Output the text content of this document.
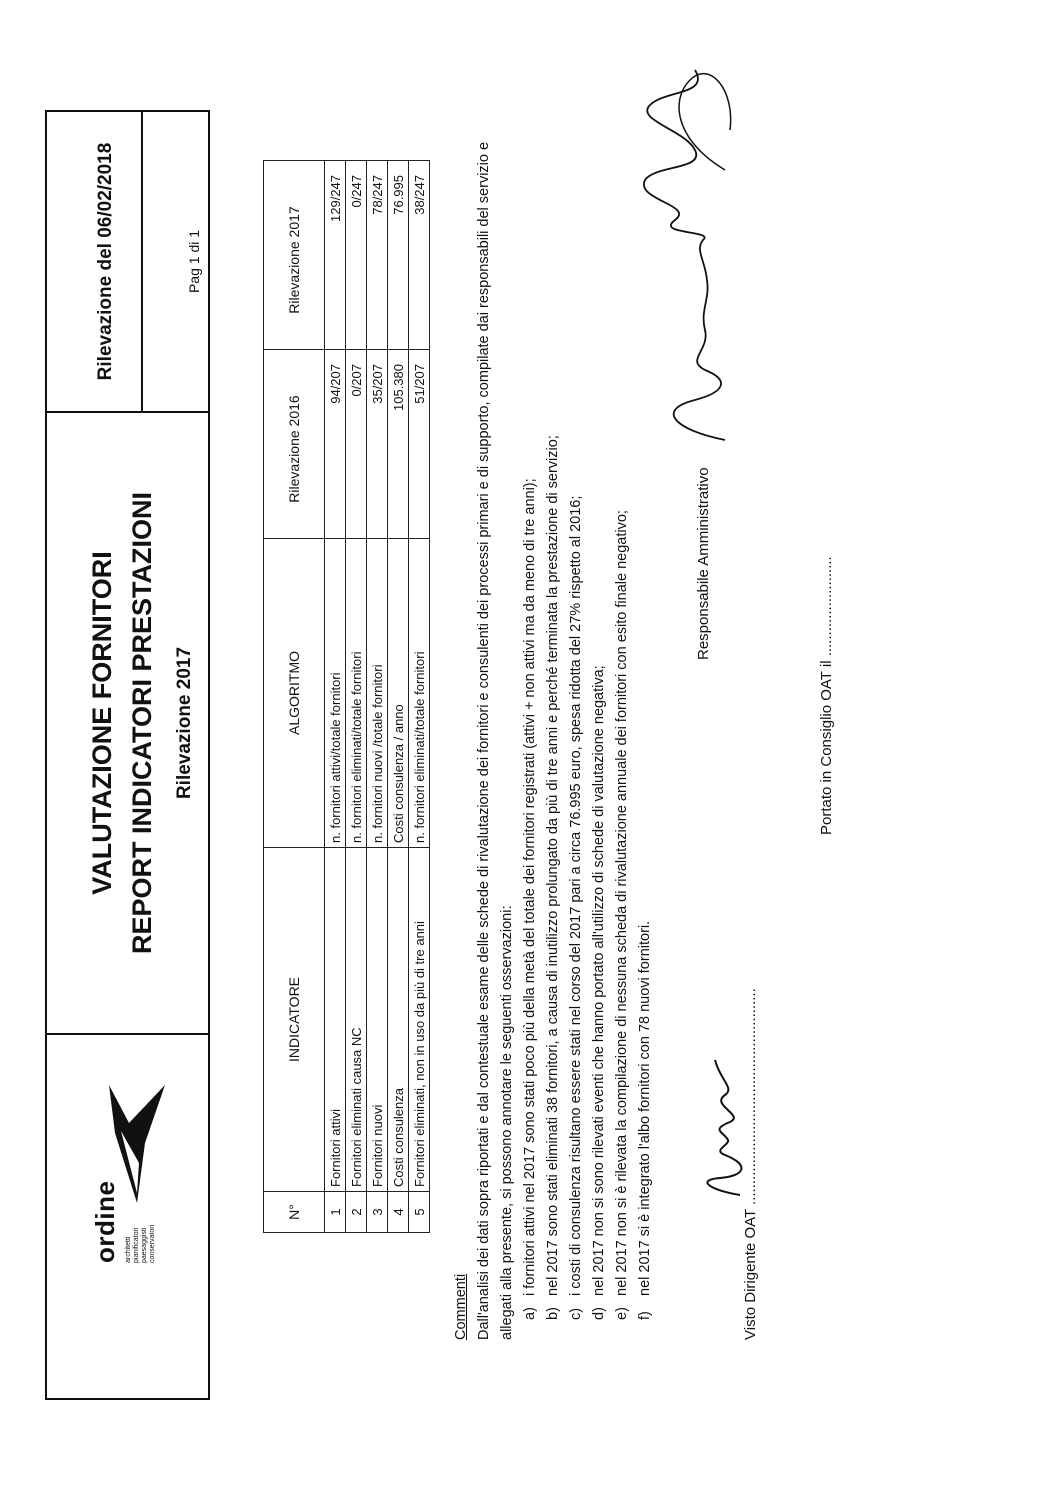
ordine architetti pianificatori paesaggisti conservatori
VALUTAZIONE FORNITORI REPORT INDICATORI PRESTAZIONI Rilevazione 2017
Rilevazione del 06/02/2018	Pag 1 di 1
N°	INDICATORE	ALGORITMO	Rilevazione 2016	Rilevazione 2017
1	Fornitori attivi	n. fornitori attivi/totale fornitori	94/207	129/247
2	Fornitori eliminati causa NC	n. fornitori eliminati/totale fornitori	0/207	0/247
3	Fornitori nuovi	n. fornitori nuovi /totale fornitori	35/207	78/247
4	Costi consulenza	Costi consulenza / anno	105.380	76.995
5	Fornitori eliminati, non in uso da più di tre anni	n. fornitori eliminati/totale fornitori	51/207	38/247
Commenti Dall'analisi dei dati sopra riportati e dal contestuale esame delle schede di rivalutazione dei fornitori e consulenti dei processi primari e di supporto, compilate dai responsabili del servizio e allegati alla presente, si possono annotare le seguenti osservazioni: a)
i fornitori attivi nel 2017 sono stati poco più della metà del totale dei fornitori registrati (attivi + non attivi ma da meno di tre anni);
b)
nel 2017 sono stati eliminati 38 fornitori, a causa di inutilizzo prolungato da più di tre anni e perché terminata la prestazione di servizio;
c)
i costi di consulenza risultano essere stati nel corso del 2017 pari a circa 76.995 euro, spesa ridotta del 27% rispetto al 2016;
d)
nel 2017 non si sono rilevati eventi che hanno portato all'utilizzo di schede di valutazione negativa;
e)
nel 2017 non si è rilevata la compilazione di nessuna scheda di rivalutazione annuale dei fornitori con esito finale negativo;
f)
nel 2017 si è integrato l'albo fornitori con 78 nuovi fornitori.	Visto Dirigente OAT ....................................................
Responsabile Amministrativo	Portato in Consiglio OAT il ........................
